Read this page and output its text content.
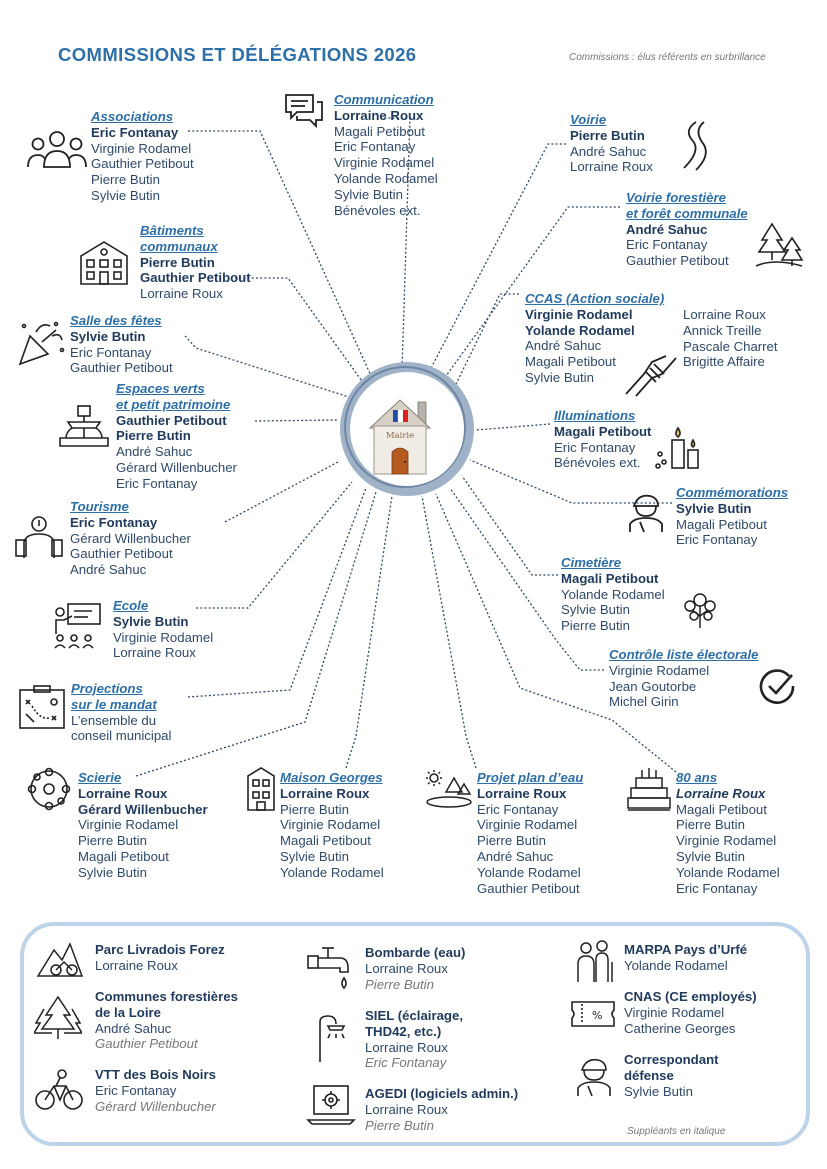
COMMISSIONS ET DÉLÉGATIONS 2026	Commissions : élus référents en surbrillance
Mairie
Associations
Eric Fontanay
Virginie Rodamel
Gauthier Petibout
Pierre Butin
Sylvie Butin
Communication
Lorraine Roux
Magali Petibout
Eric Fontanay
Virginie Rodamel
Yolande Rodamel
Sylvie Butin
Bénévoles ext.
Voirie
Pierre Butin
André Sahuc
Lorraine Roux
Voirie forestière
et forêt communale
André Sahuc
Eric Fontanay
Gauthier Petibout
Bâtiments
communaux
Pierre Butin
Gauthier Petibout
Lorraine Roux	CCAS (Action sociale)
Virginie Rodamel
Yolande Rodamel
André Sahuc
Magali Petibout
Sylvie Butin
Lorraine Roux
Annick Treille
Pascale Charret
Brigitte Affaire
Salle des fêtes
Sylvie Butin
Eric Fontanay
Gauthier Petibout
Espaces verts
et petit patrimoine
Gauthier Petibout
Pierre Butin
André Sahuc
Gérard Willenbucher
Eric Fontanay
Illuminations
Magali Petibout
Eric Fontanay
Bénévoles ext.
Commémorations
Sylvie Butin
Magali Petibout
Eric Fontanay
Tourisme
Eric Fontanay
Gérard Willenbucher
Gauthier Petibout
André Sahuc	Cimetière
Magali Petibout
Yolande Rodamel
Sylvie Butin
Pierre Butin
Ecole
Sylvie Butin
Virginie Rodamel
Lorraine Roux	Contrôle liste électorale
Virginie Rodamel
Jean Goutorbe
Michel Girin
Projections
sur le mandat
L’ensemble du
conseil municipal
Scierie
Lorraine Roux
Gérard Willenbucher
Virginie Rodamel
Pierre Butin
Magali Petibout
Sylvie Butin
Maison Georges
Lorraine Roux
Pierre Butin
Virginie Rodamel
Magali Petibout
Sylvie Butin
Yolande Rodamel
Projet plan d’eau
Lorraine Roux
Eric Fontanay
Virginie Rodamel
Pierre Butin
André Sahuc
Yolande Rodamel
Gauthier Petibout
80 ans
Lorraine Roux
Magali Petibout
Pierre Butin
Virginie Rodamel
Sylvie Butin
Yolande Rodamel
Eric Fontanay
Parc Livradois Forez
Lorraine Roux
Communes forestières
de la Loire
André Sahuc
Gauthier Petibout
VTT des Bois Noirs
Eric Fontanay
Gérard Willenbucher
Bombarde (eau)
Lorraine Roux
Pierre Butin
SIEL (éclairage,
THD42, etc.)
Lorraine Roux
Eric Fontanay
AGEDI (logiciels admin.)
Lorraine Roux
Pierre Butin
MARPA Pays d’Urfé
Yolande Rodamel
%
CNAS (CE employés)
Virginie Rodamel
Catherine Georges
Correspondant
défense
Sylvie Butin
Suppléants en italique
